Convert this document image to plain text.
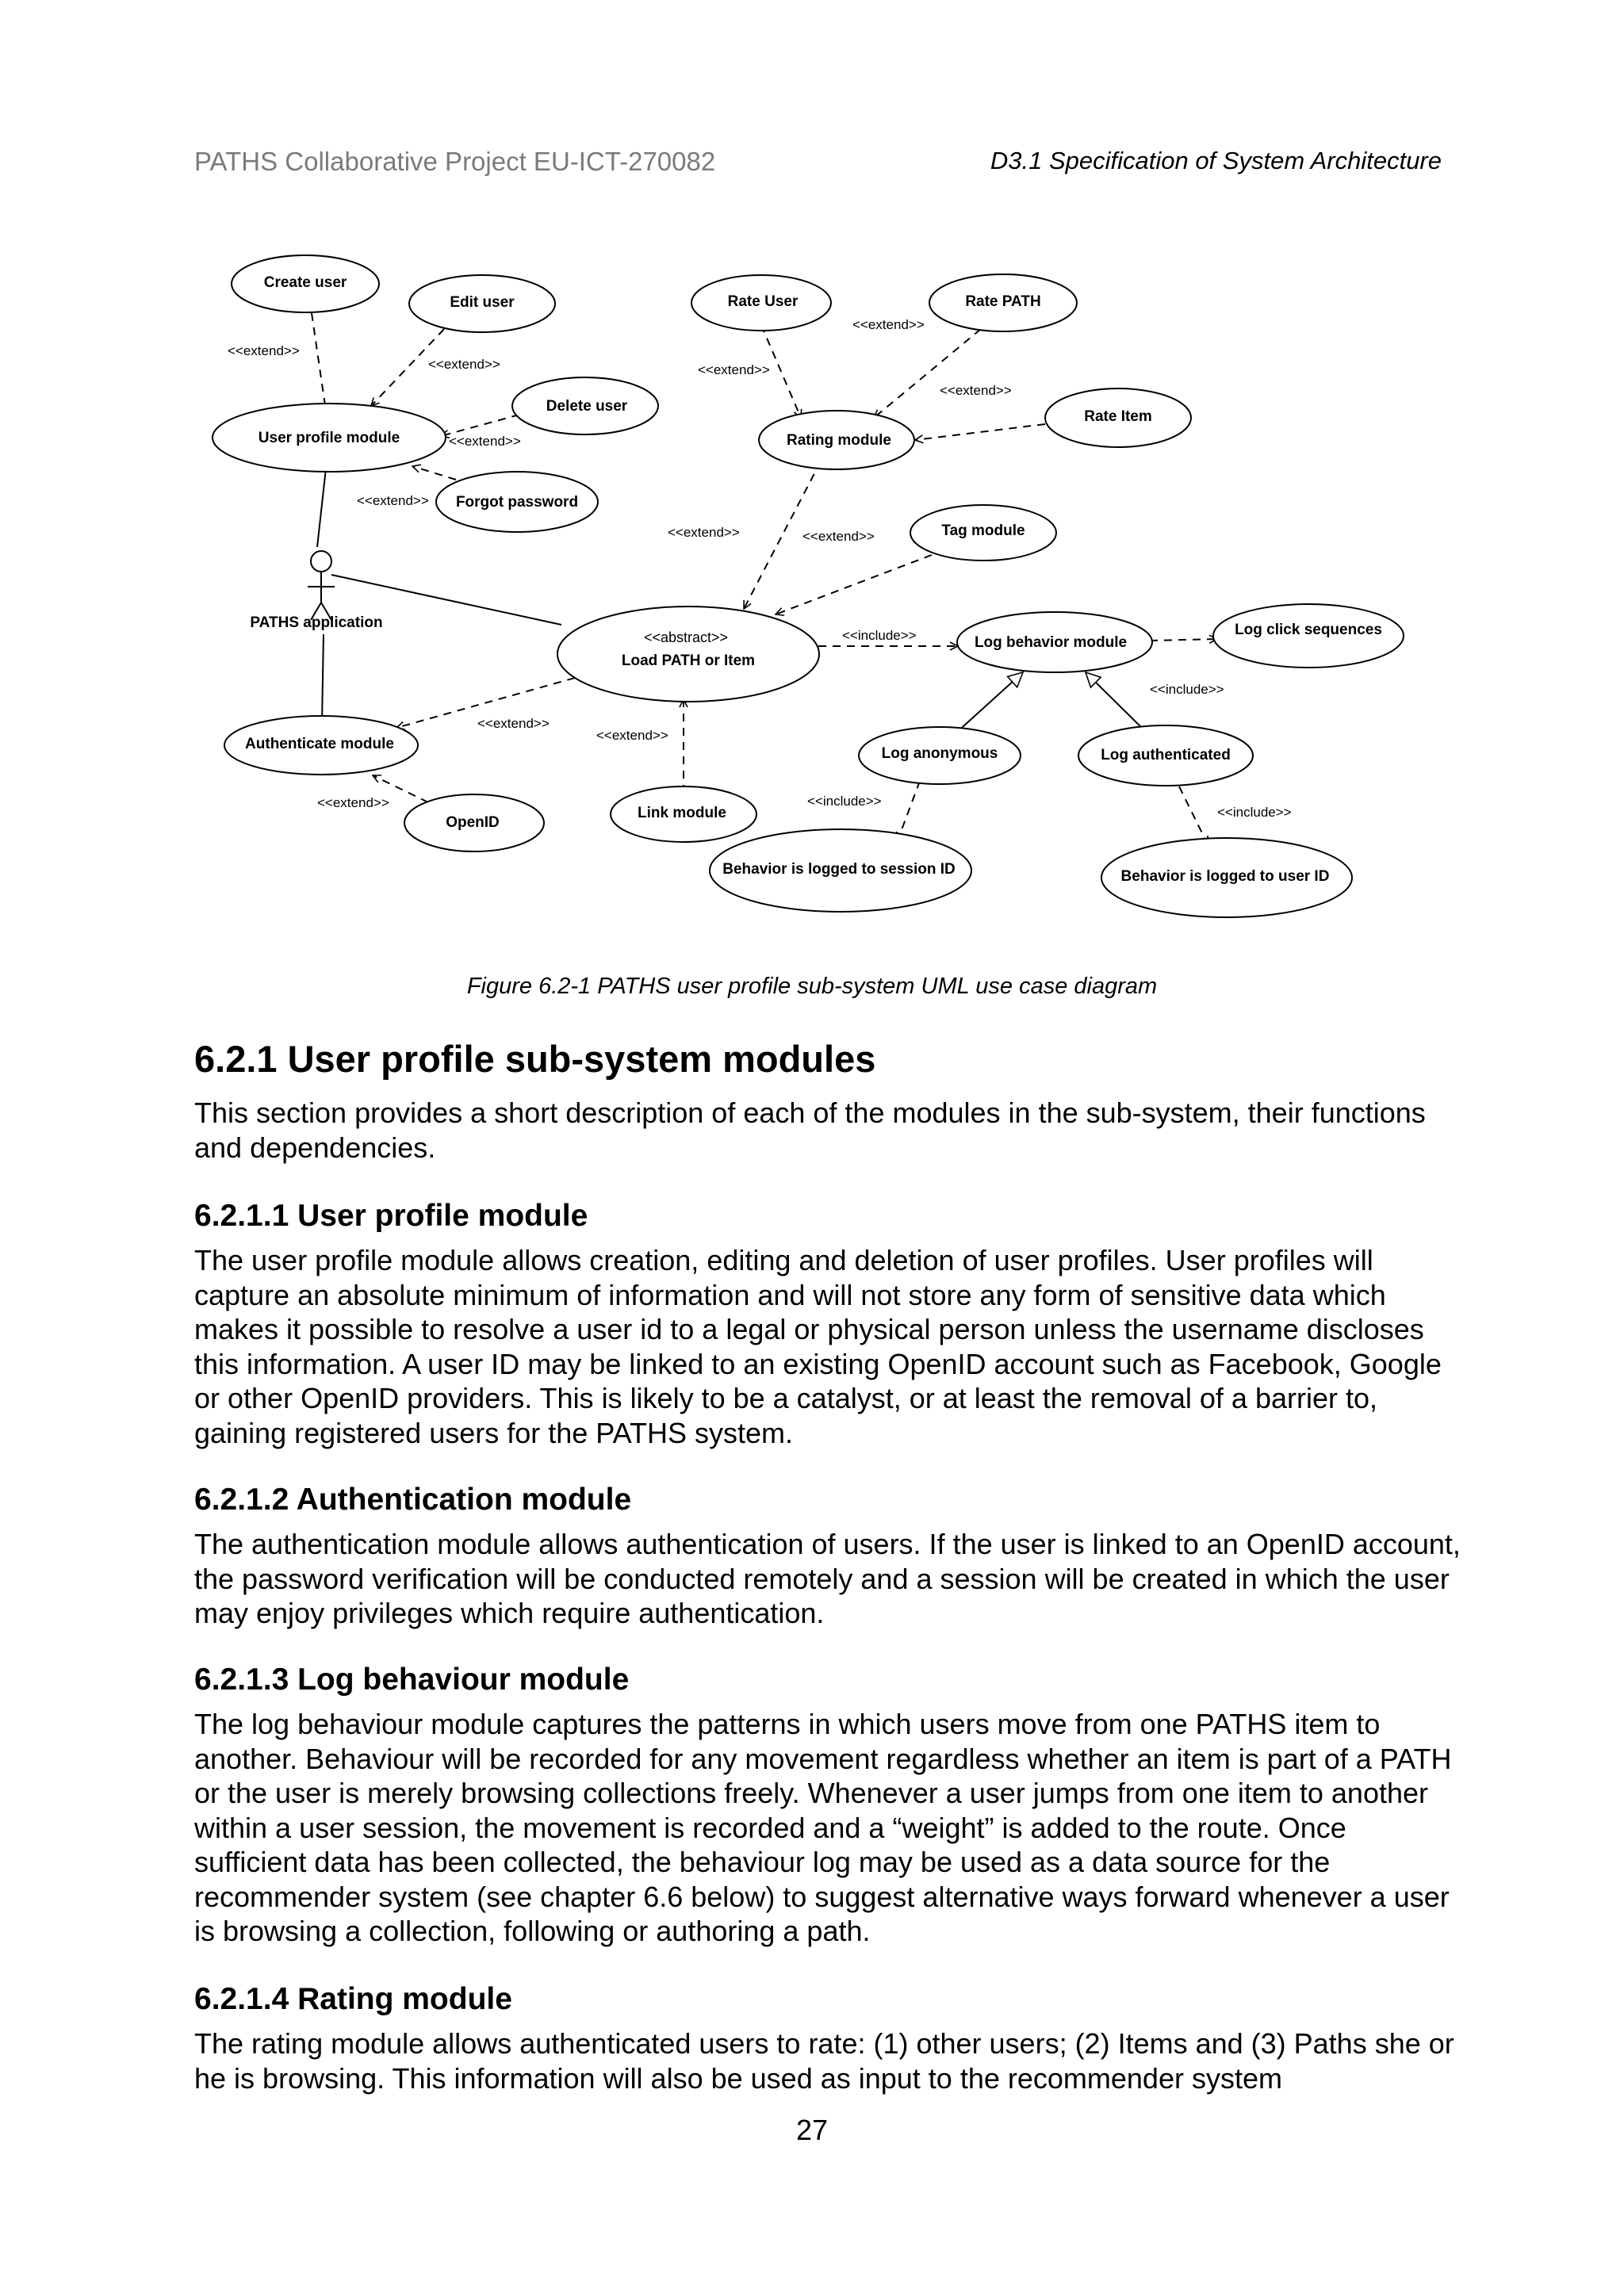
PATHS Collaborative Project EU-ICT-270082	D3.1 Specification of System Architecture
PATHS application
Create user
Edit user
Delete user
User profile module
Forgot password
Rate User	Rate PATH
Rating module
Rate Item
Tag module
<<abstract>>
Load PATH or Item
Log behavior module
Log click sequences
Authenticate module
OpenID
Link module
Log anonymous	Log authenticated
Behavior is logged to session ID	Behavior is logged to user ID
<<extend>>
<<extend>>
<<extend>>
<<extend>>
<<extend>>
<<extend>>
<<extend>>
<<extend>>	<<extend>>
<<extend>>
<<extend>>
<<extend>>
<<include>>
<<include>>
<<include>>
<<include>>
Figure 6.2-1 PATHS user profile sub-system UML use case diagram
6.2.1 User profile sub-system modules

This section provides a short description of each of the modules in the sub-system, their functions and dependencies.

6.2.1.1 User profile module

The user profile module allows creation, editing and deletion of user profiles. User profiles will capture an absolute minimum of information and will not store any form of sensitive data which makes it possible to resolve a user id to a legal or physical person unless the username discloses this information. A user ID may be linked to an existing OpenID account such as Facebook, Google or other OpenID providers. This is likely to be a catalyst, or at least the removal of a barrier to, gaining registered users for the PATHS system.

6.2.1.2 Authentication module

The authentication module allows authentication of users. If the user is linked to an OpenID account, the password verification will be conducted remotely and a session will be created in which the user may enjoy privileges which require authentication.

6.2.1.3 Log behaviour module

The log behaviour module captures the patterns in which users move from one PATHS item to another. Behaviour will be recorded for any movement regardless whether an item is part of a PATH or the user is merely browsing collections freely. Whenever a user jumps from one item to another within a user session, the movement is recorded and a “weight” is added to the route. Once sufficient data has been collected, the behaviour log may be used as a data source for the recommender system (see chapter 6.6 below) to suggest alternative ways forward whenever a user is browsing a collection, following or authoring a path.

6.2.1.4 Rating module

The rating module allows authenticated users to rate: (1) other users; (2) Items and (3) Paths she or he is browsing. This information will also be used as input to the recommender system

27
